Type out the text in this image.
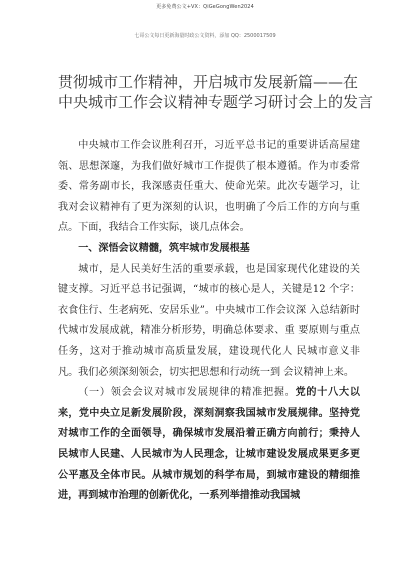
更多免费公文+VX：QiGeGongWen2024
七哥公文每日更新海量时政公文资料，添加 QQ：2500017509
贯彻城市工作精神，开启城市发展新篇——在
中央城市工作会议精神专题学习研讨会上的发言

中央城市工作会议胜利召开，习近平总书记的重要讲话高屋建瓴、思想深邃，为我们做好城市工作提供了根本遵循。作为市委常委、常务副市长，我深感责任重大、使命光荣。此次专题学习，让我对会议精神有了更为深刻的认识，也明确了今后工作的方向与重点。下面，我结合工作实际，谈几点体会。

一、深悟会议精髓，筑牢城市发展根基

城市，是人民美好生活的重要承载，也是国家现代化建设的关键支撑。习近平总书记强调，“城市的核心是人，关键是12 个字：衣食住行、生老病死、安居乐业”。中央城市工作会议深 入总结新时代城市发展成就，精准分析形势，明确总体要求、重 要原则与重点任务，这对于推动城市高质量发展，建设现代化人 民城市意义非凡。我们必须深刻领会，切实把思想和行动统一到 会议精神上来。

（一）领会会议对城市发展规律的精准把握。党的十八大以来，党中央立足新发展阶段，深刻洞察我国城市发展规律。坚持党对城市工作的全面领导，确保城市发展沿着正确方向前行；秉持人民城市人民建、人民城市为人民理念，让城市建设发展成果更多更公平惠及全体市民。从城市规划的科学布局，到城市建设的精细推进，再到城市治理的创新优化，一系列举措推动我国城
